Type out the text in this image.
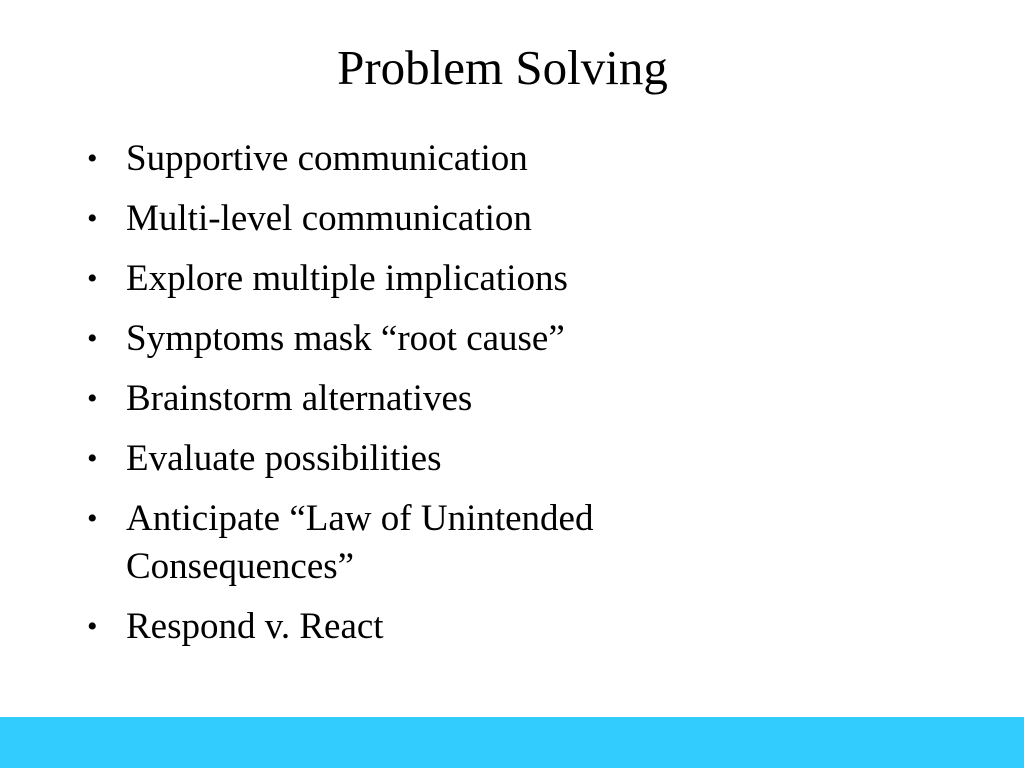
Problem Solving
• Supportive communication
• Multi-level communication
• Explore multiple implications
• Symptoms mask “root cause”
• Brainstorm alternatives
• Evaluate possibilities
• Anticipate “Law of Unintended Consequences”
• Respond v. React
